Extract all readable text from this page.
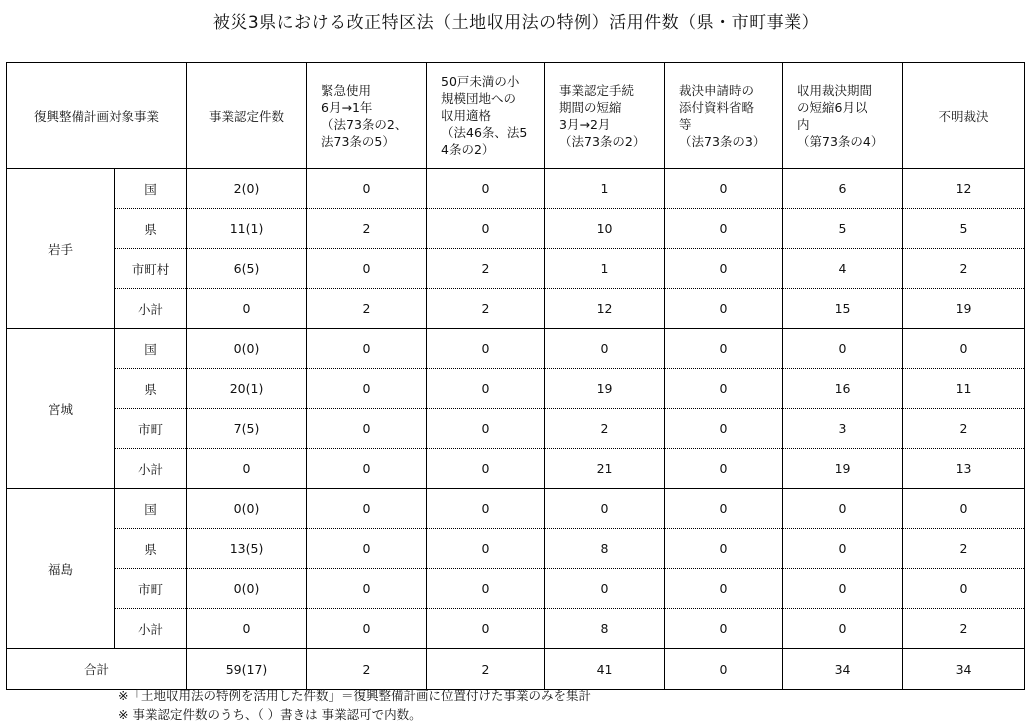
被災3県における改正特区法（土地収用法の特例）活用件数（県・市町事業）
復興整備計画対象事業		事業認定件数	緊急使用
6月→1年
（法73条の2、
法73条の5）	50戸未満の小
規模団地への
収用適格
（法46条、法5
4条の2）	事業認定手続
期間の短縮
3月→2月
（法73条の2）	裁決申請時の
添付資料省略
等
（法73条の3）	収用裁決期間
の短縮6月以
内
（第73条の4）	不明裁決
岩手	国	2(0)	0	0	1	0	6	12
	県	11(1)	2	0	10	0	5	5
	市町村	6(5)	0	2	1	0	4	2
	小計	0	2	2	12	0	15	19
宮城	国	0(0)	0	0	0	0	0	0
	県	20(1)	0	0	19	0	16	11
	市町	7(5)	0	0	2	0	3	2
	小計	0	0	0	21	0	19	13
福島	国	0(0)	0	0	0	0	0	0
	県	13(5)	0	0	8	0	0	2
	市町	0(0)	0	0	0	0	0	0
	小計	0	0	0	8	0	0	2
合計		59(17)	2	2	41	0	34	34
※「土地収用法の特例を活用した件数」＝復興整備計画に位置付けた事業のみを集計
※ 事業認定件数のうち、（ ）書きは 事業認可で内数。
